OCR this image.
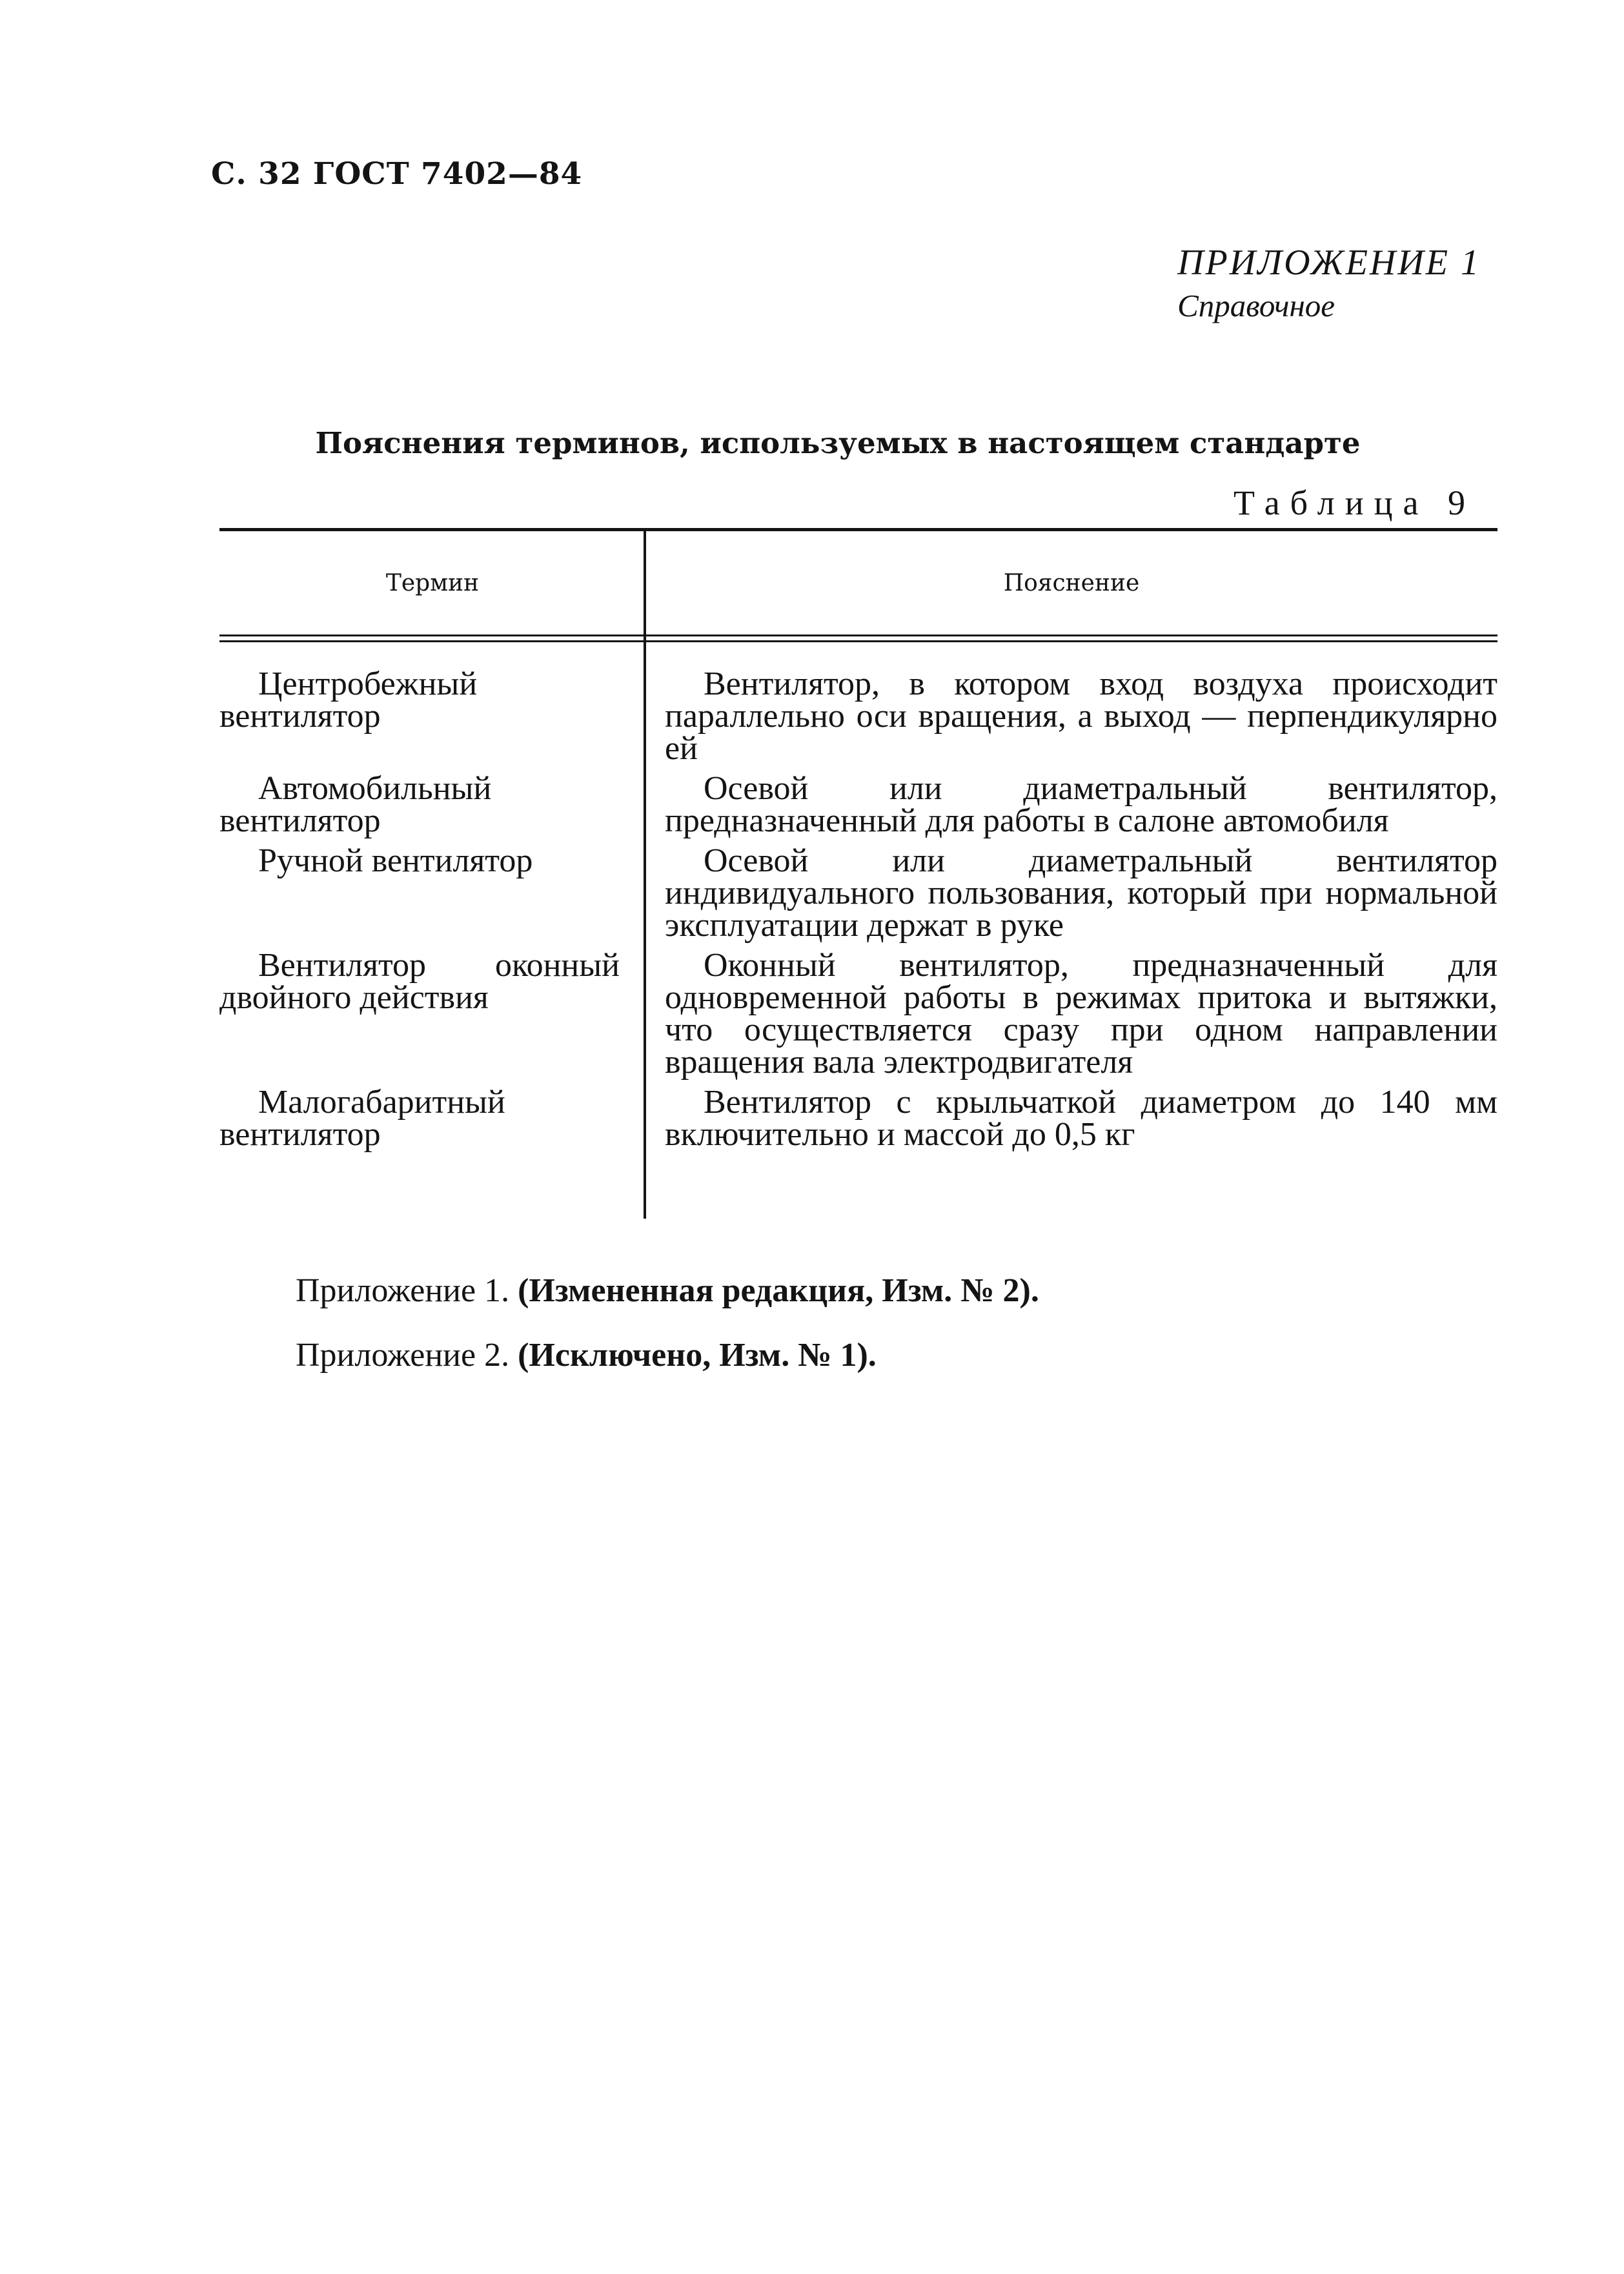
С. 32 ГОСТ 7402—84
ПРИЛОЖЕНИЕ 1
Справочное
Пояснения терминов, используемых в настоящем стандарте
Таблица 9
Термин	Пояснение
Центробежный вентилятор
Вентилятор, в котором вход воздуха происходит параллельно оси вращения, а выход — перпендикулярно ей
Автомобильный вентилятор
Осевой или диаметральный вентилятор, предназначенный для работы в салоне автомобиля
Ручной вентилятор	Осевой или диаметральный вентилятор индивидуального пользования, который при нормальной эксплуатации держат в руке
Вентилятор оконный двойного действия
Оконный вентилятор, предназначенный для одновременной работы в режимах притока и вытяжки, что осуществляется сразу при одном направлении вращения вала электродвигателя
Малогабаритный вентилятор
Вентилятор с крыльчаткой диаметром до 140 мм включительно и массой до 0,5 кг
Приложение 1. (Измененная редакция, Изм. № 2).
Приложение 2. (Исключено, Изм. № 1).
